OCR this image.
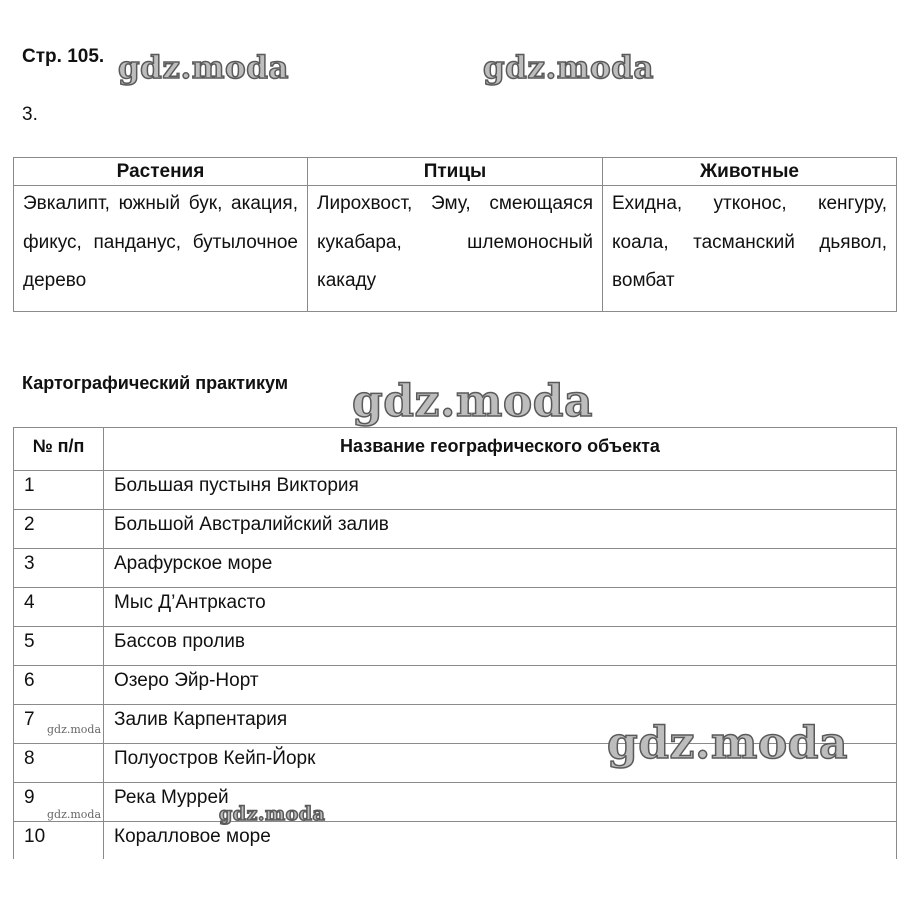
Стр. 105.
3.
Растения	Птицы	Животные

Эвкалипт, южный бук, акация, фикус, панданус, бутылочное дерево	Лирохвост, Эму, смеющаяся кукабара, шлемоносный какаду	Ехидна, утконос, кенгуру, коала, тасманский дьявол, вомбат
Картографический практикум
№ п/п	Название географического объекта
1	Большая пустыня Виктория
2	Большой Австралийский залив
3	Арафурское море
4	Мыс Д’Антркасто
5	Бассов пролив
6	Озеро Эйр-Норт
7	Залив Карпентария
8	Полуостров Кейп-Йорк
9	Река Муррей
10	Коралловое море
gdz.moda	gdz.moda
gdz.moda
gdz.moda
gdz.moda
gdz.moda
gdz.moda
